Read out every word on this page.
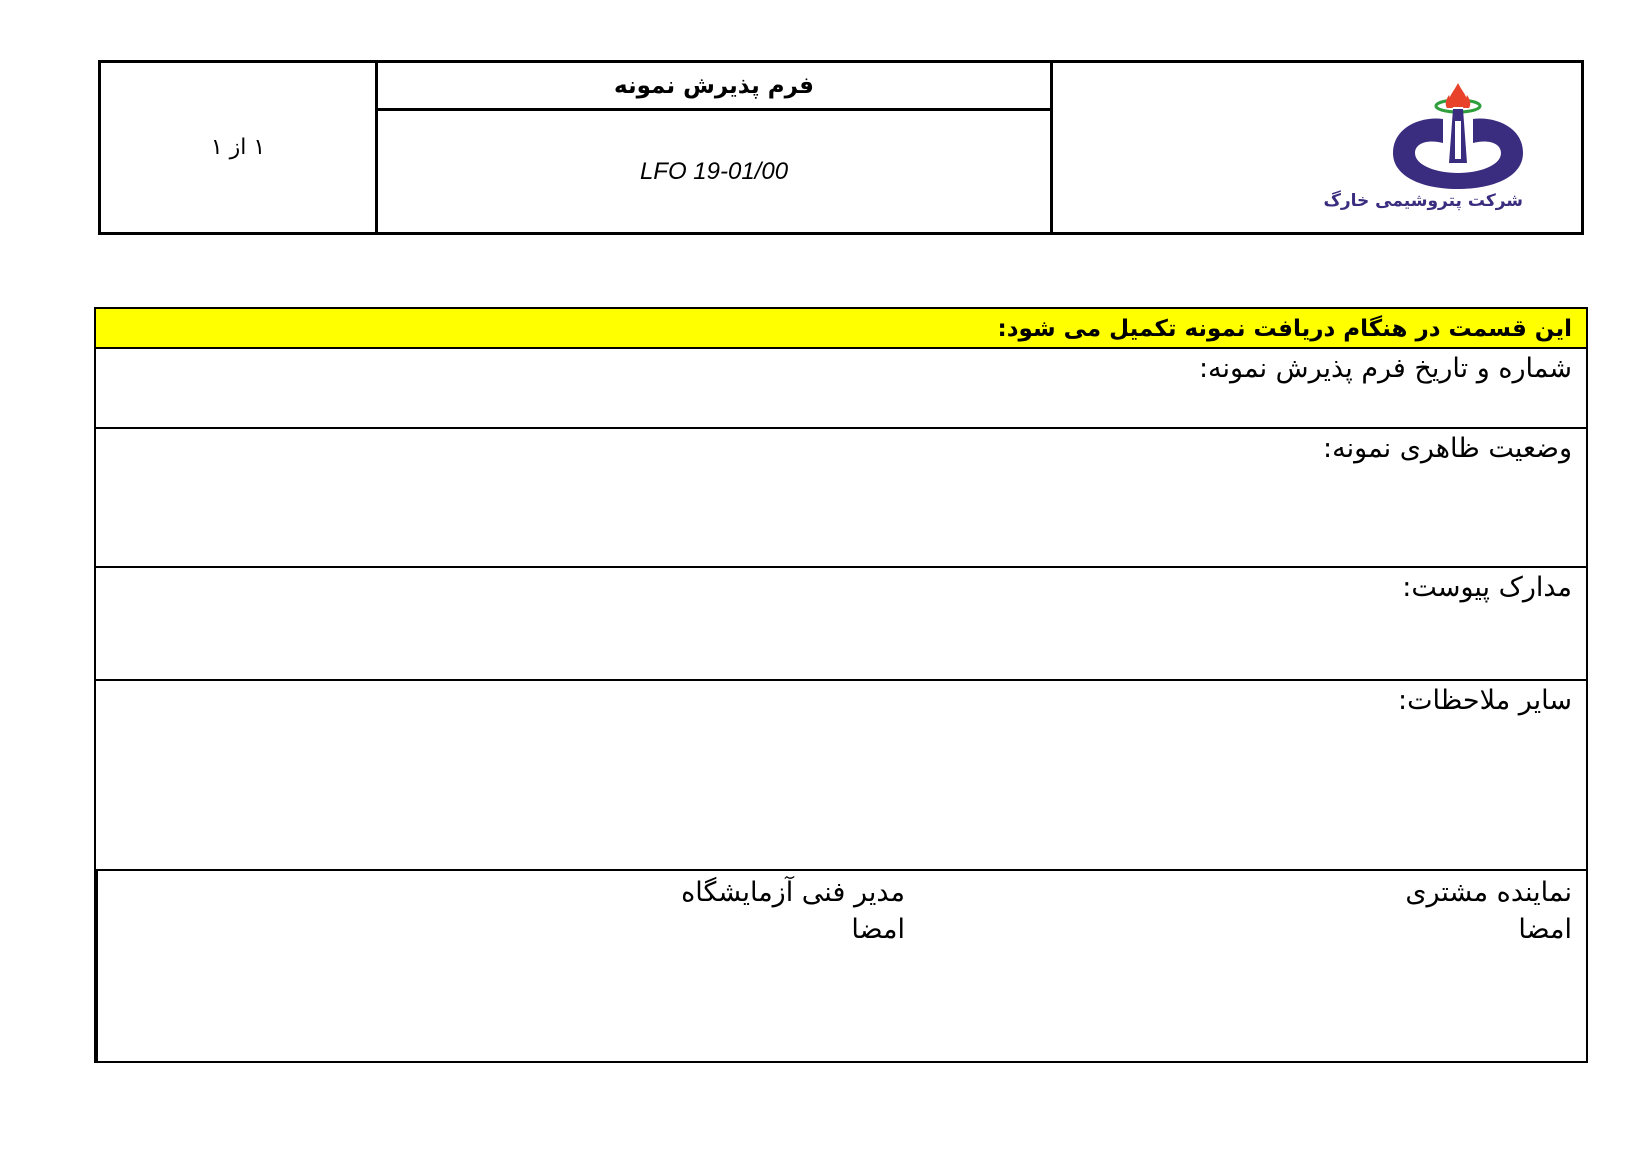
۱ از ۱
فرم پذیرش نمونه
LFO 19-01/00
شرکت پتروشیمی خارگ
این قسمت در هنگام دریافت نمونه تکمیل می شود:
شماره و تاریخ فرم پذیرش نمونه:
وضعیت ظاهری نمونه:
مدارک پیوست:
سایر ملاحظات:
نماینده مشتری
امضا
مدیر فنی آزمایشگاه
امضا
